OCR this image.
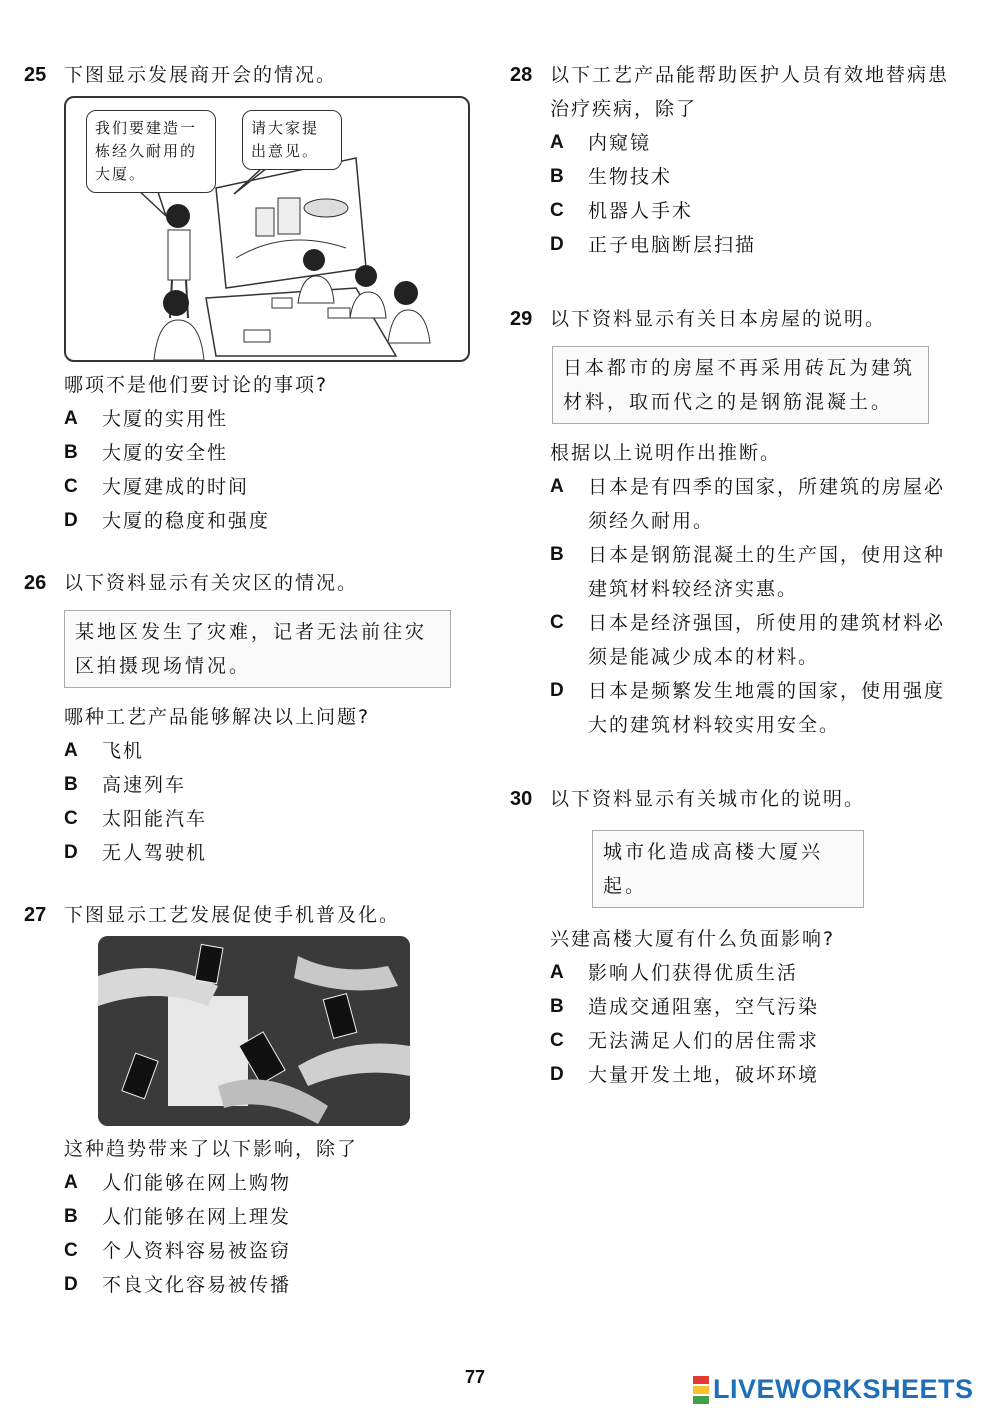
25 下图显示发展商开会的情况。
我们要建造一栋经久耐用的大厦。
请大家提出意见。
哪项不是他们要讨论的事项?
A	大厦的实用性
B	大厦的安全性
C	大厦建成的时间
D	大厦的稳度和强度
26 以下资料显示有关灾区的情况。
某地区发生了灾难，记者无法前往灾区拍摄现场情况。
哪种工艺产品能够解决以上问题?
A	飞机
B	高速列车
C	太阳能汽车
D	无人驾驶机
27 下图显示工艺发展促使手机普及化。
这种趋势带来了以下影响，除了
A	人们能够在网上购物
B	人们能够在网上理发
C	个人资料容易被盗窃
D	不良文化容易被传播
28 以下工艺产品能帮助医护人员有效地替病患治疗疾病，除了
A	内窥镜
B	生物技术
C	机器人手术
D	正子电脑断层扫描
29 以下资料显示有关日本房屋的说明。
日本都市的房屋不再采用砖瓦为建筑材料，取而代之的是钢筋混凝土。
根据以上说明作出推断。
A	日本是有四季的国家，所建筑的房屋必须经久耐用。
B	日本是钢筋混凝土的生产国，使用这种建筑材料较经济实惠。
C	日本是经济强国，所使用的建筑材料必须是能减少成本的材料。
D	日本是频繁发生地震的国家，使用强度大的建筑材料较实用安全。
30 以下资料显示有关城市化的说明。
城市化造成高楼大厦兴起。
兴建高楼大厦有什么负面影响?
A	影响人们获得优质生活
B	造成交通阻塞，空气污染
C	无法满足人们的居住需求
D	大量开发土地，破坏环境
77	LIVEWORKSHEETS
